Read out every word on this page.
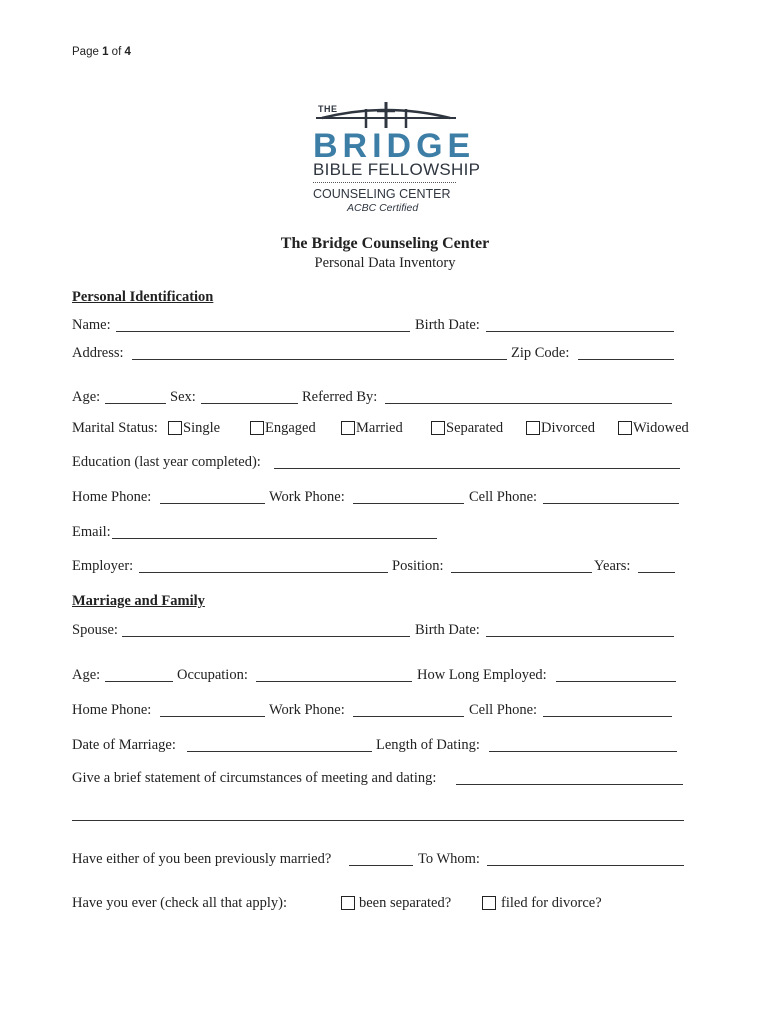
Page 1 of 4
THE
BRIDGE
BIBLE FELLOWSHIP
COUNSELING CENTER
ACBC Certified
The Bridge Counseling Center
Personal Data Inventory
Personal Identification
Name:	Birth Date:
Address:	Zip Code:
Age:	Sex:	Referred By:
Marital Status: Single	Engaged	Married	Separated	Divorced	Widowed
Education (last year completed):
Home Phone:	Work Phone:	Cell Phone:
Email:
Employer:	Position:	Years:
Marriage and Family
Spouse:	Birth Date:
Age:	Occupation:	How Long Employed:
Home Phone:	Work Phone:	Cell Phone:
Date of Marriage:	Length of Dating:
Give a brief statement of circumstances of meeting and dating:
Have either of you been previously married?	To Whom:
Have you ever (check all that apply):	been separated?	filed for divorce?
